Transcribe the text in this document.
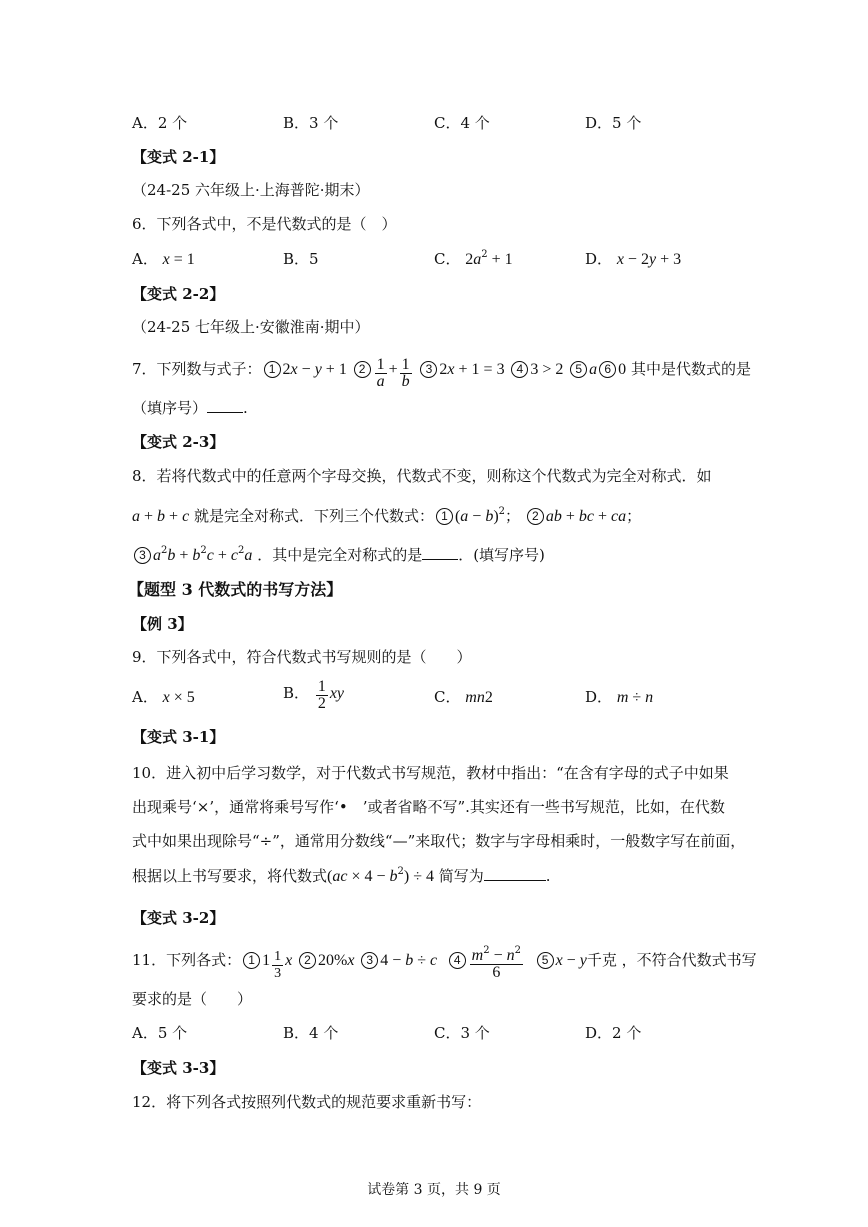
A．2 个	B．3 个	C．4 个	D．5 个
【变式 2-1】
（24-25 六年级上·上海普陀·期末）
6．下列各式中，不是代数式的是（　）
A． x = 1	B．5	C． $2a^2 + 1$	D． x − 2y + 3
【变式 2-2】
（24-25 七年级上·安徽淮南·期中）
7．下列数与式子： 1 2x − y + 1 $2 \frac{1}{a} + \frac{1}{b} 3$ 2x + 1 = 3 4 3 > 2 5 a 6 0 其中是代数式的是
（填序号） .
【变式 2-3】
8．若将代数式中的任意两个字母交换，代数式不变，则称这个代数式为完全对称式．如
a + b + c 就是完全对称式．下列三个代数式： 1 $(a - b)^2$； 2 ab + bc + ca；
3 $a^2b + b^2c + c^2a$ ．其中是完全对称式的是 ．(填写序号)
【题型 3 代数式的书写方法】
【例 3】
9．下列各式中，符合代数式书写规则的是（　　）
A． x × 5	B． $\frac{1}{2}$ xy	C． mn2	D． m ÷ n
【变式 3-1】
10．进入初中后学习数学，对于代数式书写规范，教材中指出：“在含有字母的式子中如果
出现乘号‘×’，通常将乘号写作‘•　’或者省略不写”.其实还有一些书写规范，比如，在代数
式中如果出现除号“÷”，通常用分数线“—”来取代；数字与字母相乘时，一般数字写在前面，
根据以上书写要求，将代数式$(ac \times 4 - b^2) \div 4$ 简写为	.
【变式 3-2】
11．下列各式： 1 $1 \frac{1}{3}$ x 2 20%x 3 4 − b ÷ c $4 \frac{m^2 - n^2}{6} 5$ x − y千克 ，不符合代数式书写
要求的是（　　）
A．5 个	B．4 个	C．3 个	D．2 个
【变式 3-3】
12．将下列各式按照列代数式的规范要求重新书写：
试卷第 3 页，共 9 页
